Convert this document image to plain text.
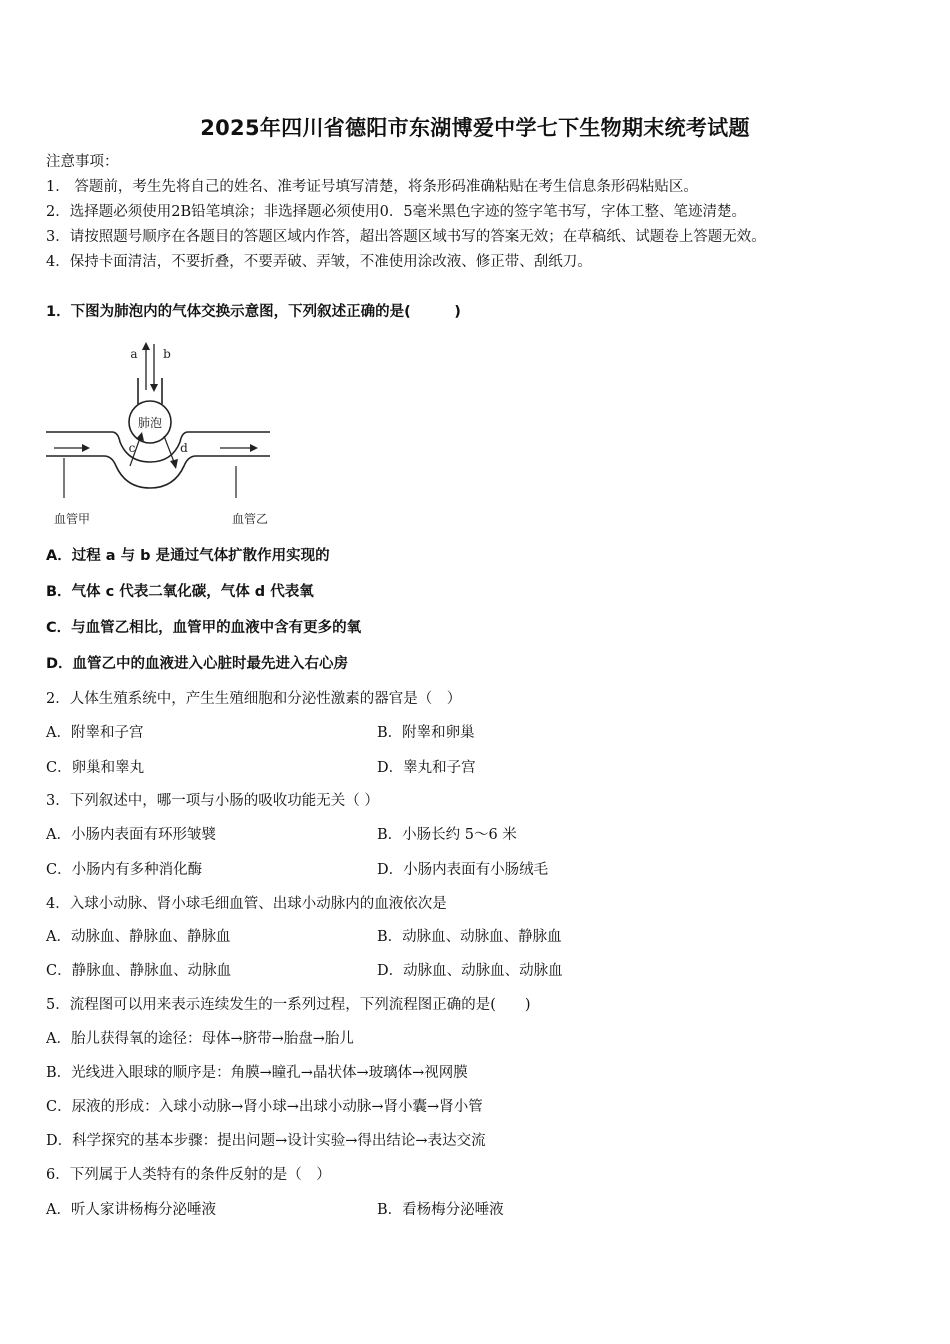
2025年四川省德阳市东湖博爱中学七下生物期末统考试题
注意事项：
1． 答题前，考生先将自己的姓名、准考证号填写清楚，将条形码准确粘贴在考生信息条形码粘贴区。
2．选择题必须使用2B铅笔填涂；非选择题必须使用0．5毫米黑色字迹的签字笔书写，字体工整、笔迹清楚。
3．请按照题号顺序在各题目的答题区域内作答，超出答题区域书写的答案无效；在草稿纸、试题卷上答题无效。
4．保持卡面清洁，不要折叠，不要弄破、弄皱，不准使用涂改液、修正带、刮纸刀。
1．下图为肺泡内的气体交换示意图，下列叙述正确的是(　　　)
a b
肺泡
c	d
血管甲	血管乙
A．过程 a 与 b 是通过气体扩散作用实现的
B．气体 c 代表二氧化碳，气体 d 代表氧
C．与血管乙相比，血管甲的血液中含有更多的氧
D．血管乙中的血液进入心脏时最先进入右心房
2．人体生殖系统中，产生生殖细胞和分泌性激素的器官是（　）
A．附睾和子宫	B．附睾和卵巢
C．卵巢和睾丸	D．睾丸和子宫
3．下列叙述中，哪一项与小肠的吸收功能无关（ ）
A．小肠内表面有环形皱襞	B．小肠长约 5～6 米
C．小肠内有多种消化酶	D．小肠内表面有小肠绒毛
4．入球小动脉、肾小球毛细血管、出球小动脉内的血液依次是
A．动脉血、静脉血、静脉血	B．动脉血、动脉血、静脉血
C．静脉血、静脉血、动脉血	D．动脉血、动脉血、动脉血
5．流程图可以用来表示连续发生的一系列过程，下列流程图正确的是(　　)
A．胎儿获得氧的途径：母体→脐带→胎盘→胎儿
B．光线进入眼球的顺序是：角膜→瞳孔→晶状体→玻璃体→视网膜
C．尿液的形成：入球小动脉→肾小球→出球小动脉→肾小囊→肾小管
D．科学探究的基本步骤：提出问题→设计实验→得出结论→表达交流
6．下列属于人类特有的条件反射的是（　）
A．听人家讲杨梅分泌唾液	B．看杨梅分泌唾液
